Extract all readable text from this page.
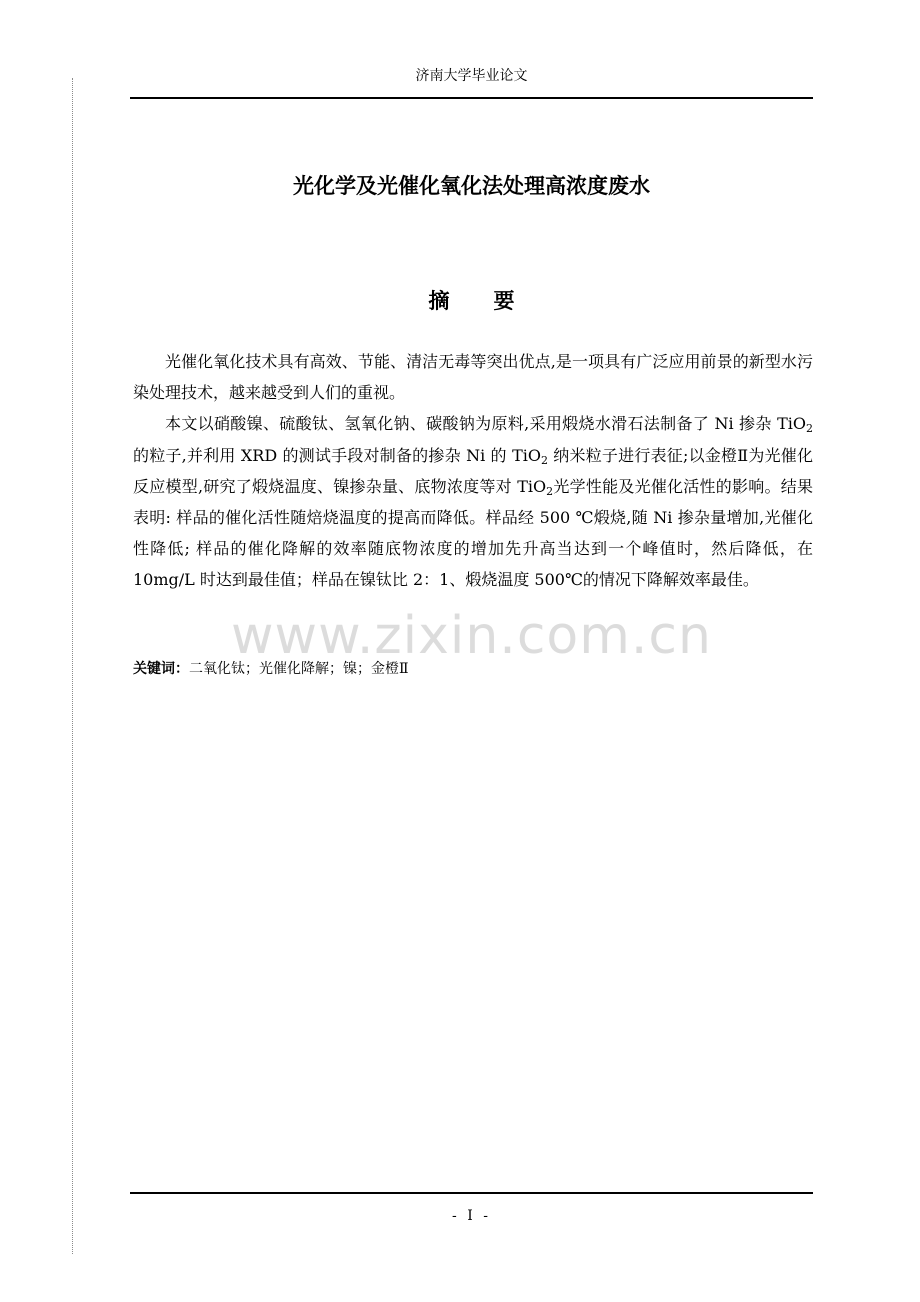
济南大学毕业论文
光化学及光催化氧化法处理高浓度废水
摘要

光催化氧化技术具有高效、节能、清洁无毒等突出优点,是一项具有广泛应用前景的新型水污染处理技术，越来越受到人们的重视。

本文以硝酸镍、硫酸钛、氢氧化钠、碳酸钠为原料,采用煅烧水滑石法制备了 Ni 掺杂 TiO$_2$ 的粒子,并利用 XRD 的测试手段对制备的掺杂 Ni 的 TiO$_2$ 纳米粒子进行表征;以金橙Ⅱ为光催化反应模型,研究了煅烧温度、镍掺杂量、底物浓度等对 TiO$_2$光学性能及光催化活性的影响。结果表明: 样品的催化活性随焙烧温度的提高而降低。样品经 500 ℃煅烧,随 Ni 掺杂量增加,光催化性降低; 样品的催化降解的效率随底物浓度的增加先升高当达到一个峰值时，然后降低，在 10mg/L 时达到最佳值；样品在镍钛比 2：1、煅烧温度 500℃的情况下降解效率最佳。

www.zixin.com.cn
关键词：二氧化钛；光催化降解；镍；金橙Ⅱ
- I -
